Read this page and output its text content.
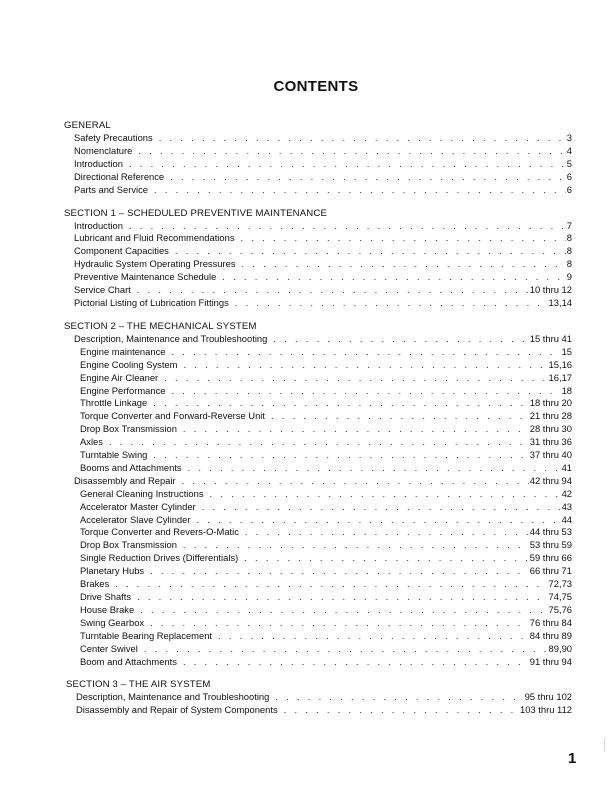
CONTENTS
GENERAL
Safety Precautions . . .	3
Nomenclature . . .	4
Introduction . . .	5
Directional Reference . . .	6
Parts and Service . . .	6
SECTION 1 – SCHEDULED PREVENTIVE MAINTENANCE
Introduction . . .	7
Lubricant and Fluid Recommendations . . .	8
Component Capacities . . .	8
Hydraulic System Operating Pressures . . .	8
Preventive Maintenance Schedule . . .	9
Service Chart . . .	10 thru 12
Pictorial Listing of Lubrication Fittings . . .	13,14
SECTION 2 – THE MECHANICAL SYSTEM
Description, Maintenance and Troubleshooting . . .	15 thru 41
Engine maintenance . . .	15
Engine Cooling System . . .	15,16
Engine Air Cleaner . . .	16,17
Engine Performance . . .	18
Throttle Linkage . . .	18 thru 20
Torque Converter and Forward-Reverse Unit . . .	21 thru 28
Drop Box Transmission . . .	28 thru 30
Axles . . .	31 thru 36
Turntable Swing . . .	37 thru 40
Booms and Attachments . . .	41
Disassembly and Repair . . .	42 thru 94
General Cleaning Instructions . . .	42
Accelerator Master Cylinder . . .	43
Accelerator Slave Cylinder . . .	44
Torque Converter and Revers-O-Matic . . .	44 thru 53
Drop Box Transmission . . .	53 thru 59
Single Reduction Drives (Differentials) . . .	59 thru 66
Planetary Hubs . . .	66 thru 71
Brakes . . .	72,73
Drive Shafts . . .	74,75
House Brake . . .	75,76
Swing Gearbox . . .	76 thru 84
Turntable Bearing Replacement . . .	84 thru 89
Center Swivel . . .	89,90
Boom and Attachments . . .	91 thru 94
SECTION 3 – THE AIR SYSTEM
Description, Maintenance and Troubleshooting . . .	95 thru 102
Disassembly and Repair of System Components . . .	103 thru 112
1
